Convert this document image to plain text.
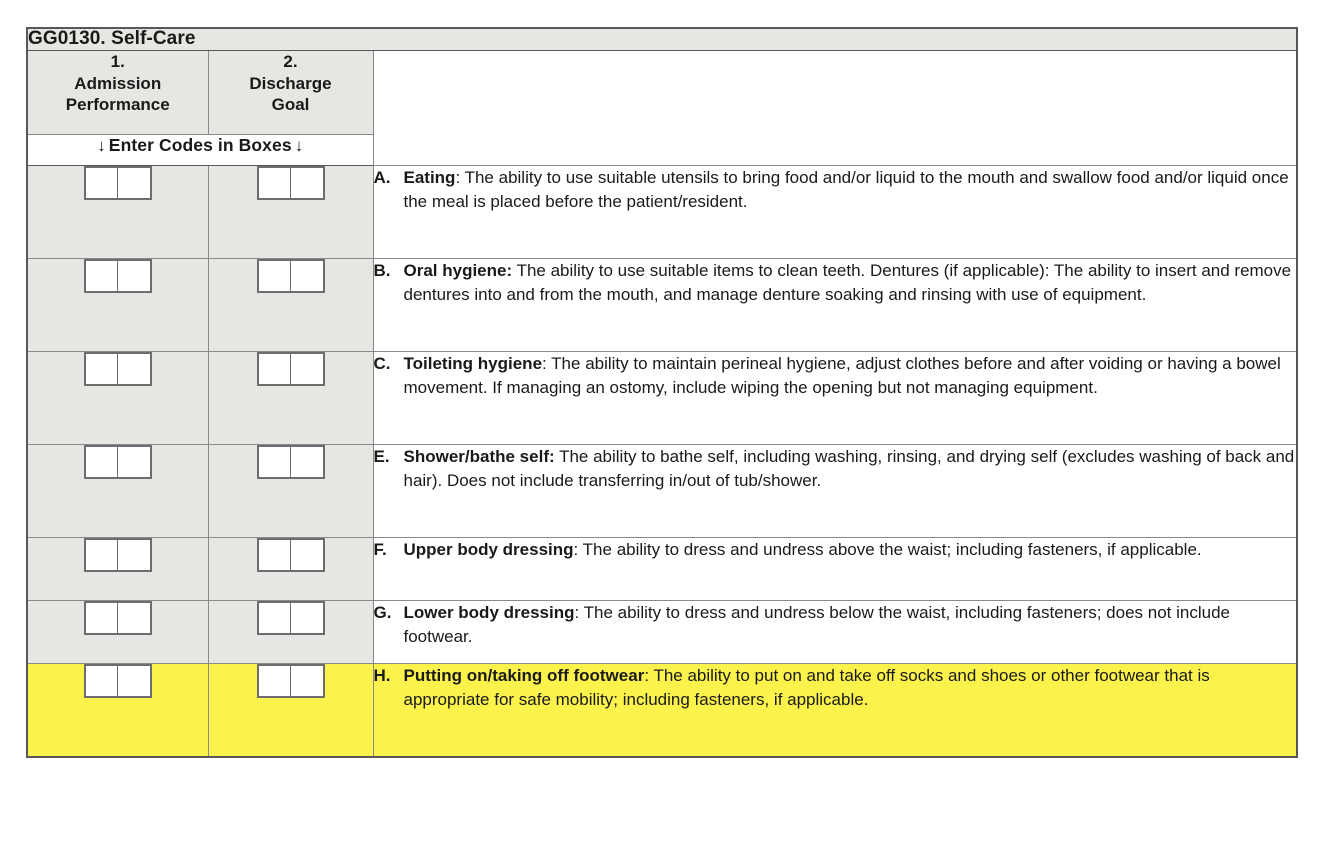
GG0130. Self-Care		

1.
Admission
Performance	2.
Discharge
Goal	

↓ Enter Codes in Boxes ↓		

		A. Eating: The ability to use suitable utensils to bring food and/or liquid to the mouth and swallow food and/or liquid once the meal is placed before the patient/resident.

		B. Oral hygiene: The ability to use suitable items to clean teeth. Dentures (if applicable): The ability to insert and remove dentures into and from the mouth, and manage denture soaking and rinsing with use of equipment.

		C. Toileting hygiene: The ability to maintain perineal hygiene, adjust clothes before and after voiding or having a bowel movement. If managing an ostomy, include wiping the opening but not managing equipment.

		E. Shower/bathe self: The ability to bathe self, including washing, rinsing, and drying self (excludes washing of back and hair). Does not include transferring in/out of tub/shower.

		F. Upper body dressing: The ability to dress and undress above the waist; including fasteners, if applicable.

		G. Lower body dressing: The ability to dress and undress below the waist, including fasteners; does not include footwear.

		H. Putting on/taking off footwear: The ability to put on and take off socks and shoes or other footwear that is appropriate for safe mobility; including fasteners, if applicable.
